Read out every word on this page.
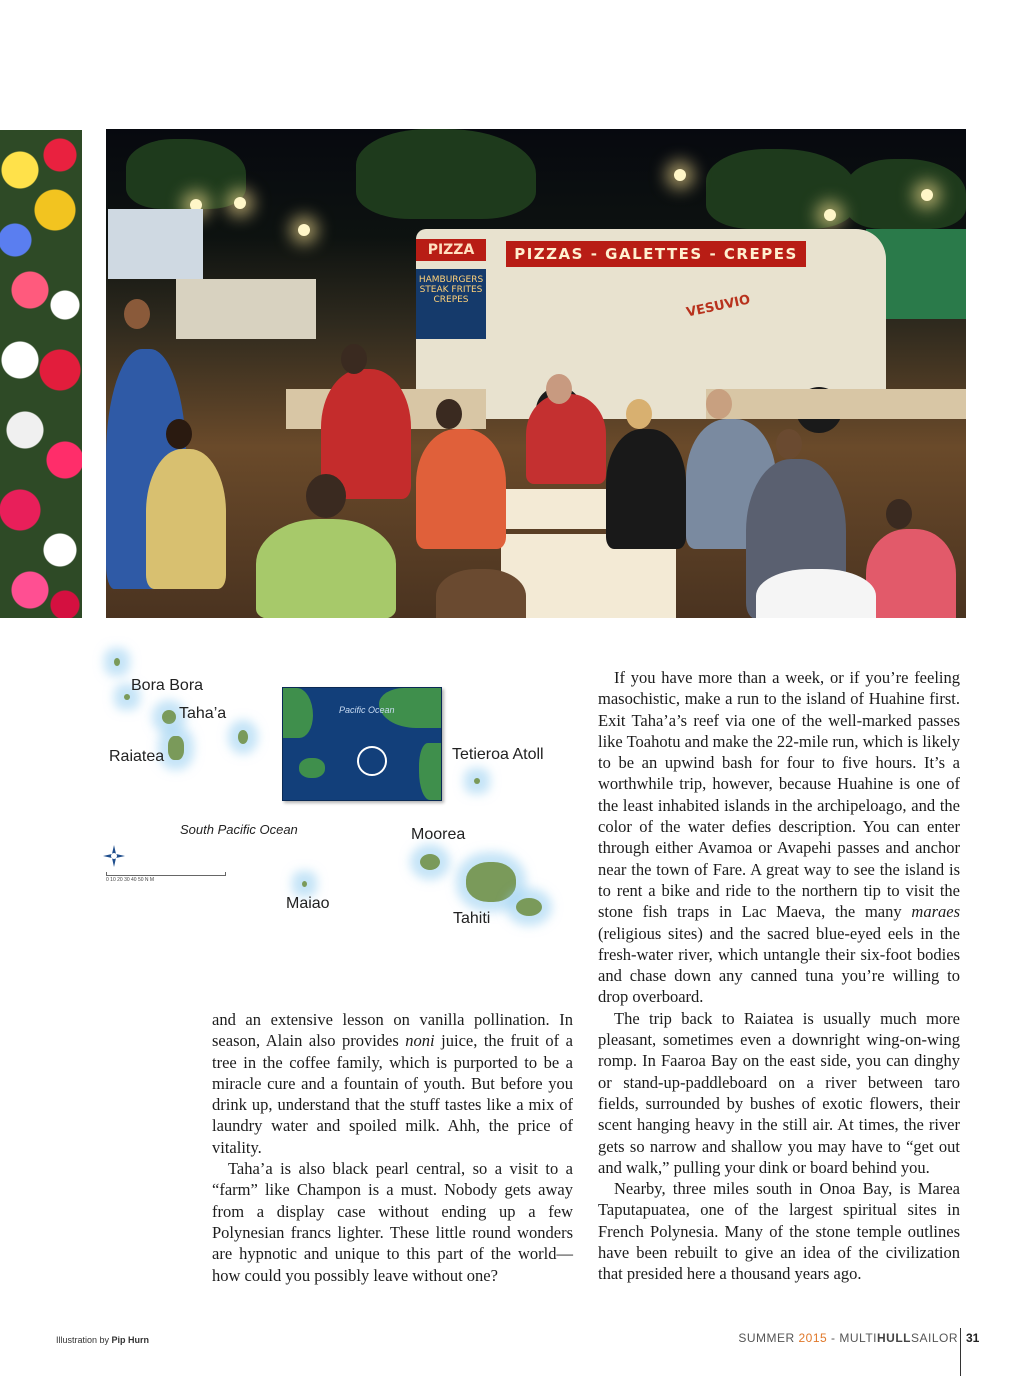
PIZZA
HAMBURGERS STEAK FRITES CREPES
PIZZAS - GALETTES - CREPES
VESUVIO
Bora Bora
Taha’a
Raiatea	Tetieroa Atoll
Moorea
Maiao
Tahiti
South Pacific Ocean
Pacific Ocean
0 10 20 30 40 50 N M

and an extensive lesson on vanilla pollination. In season, Alain also provides noni juice, the fruit of a tree in the coffee family, which is purported to be a miracle cure and a fountain of youth. But before you drink up, understand that the stuff tastes like a mix of laundry water and spoiled milk. Ahh, the price of vitality.

Taha’a is also black pearl central, so a visit to a “farm” like Champon is a must. Nobody gets away from a display case without ending up a few Polynesian francs lighter. These little round wonders are hypnotic and unique to this part of the world—how could you possibly leave without one?

If you have more than a week, or if you’re feeling masochistic, make a run to the island of Huahine first. Exit Taha’a’s reef via one of the well-marked passes like Toahotu and make the 22-mile run, which is likely to be an upwind bash for four to five hours. It’s a worthwhile trip, however, because Huahine is one of the least inhabited islands in the archipeloago, and the color of the water defies description. You can enter through either Avamoa or Avapehi passes and anchor near the town of Fare. A great way to see the island is to rent a bike and ride to the northern tip to visit the stone fish traps in Lac Maeva, the many maraes (religious sites) and the sacred blue-eyed eels in the fresh-water river, which untangle their six-foot bodies and chase down any canned tuna you’re willing to drop overboard.

The trip back to Raiatea is usually much more pleasant, sometimes even a downright wing-on-wing romp. In Faaroa Bay on the east side, you can dinghy or stand-up-paddleboard on a river between taro fields, surrounded by bushes of exotic flowers, their scent hanging heavy in the still air. At times, the river gets so narrow and shallow you may have to “get out and walk,” pulling your dink or board behind you.

Nearby, three miles south in Onoa Bay, is Marea Taputapuatea, one of the largest spiritual sites in French Polynesia. Many of the stone temple outlines have been rebuilt to give an idea of the civilization that presided here a thousand years ago.

Illustration by Pip Hurn	SUMMER 2015 - MULTIHULLSAILOR 31
